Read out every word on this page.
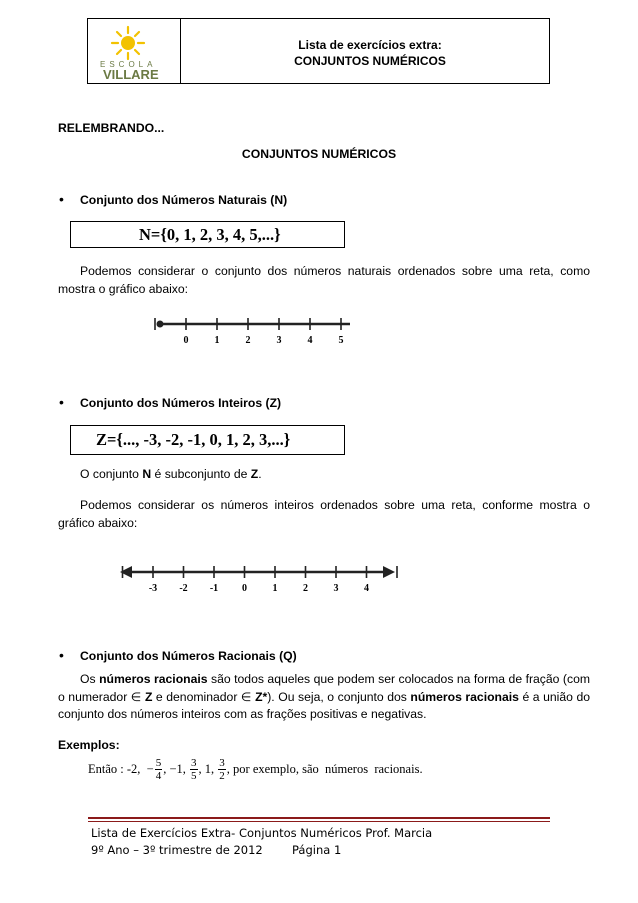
ESCOLA
VILLARE
Lista de exercícios extra:
CONJUNTOS NUMÉRICOS
RELEMBRANDO...
CONJUNTOS NUMÉRICOS
• Conjunto dos Números Naturais (N)
N={0, 1, 2, 3, 4, 5,...}
Podemos considerar o conjunto dos números naturais ordenados sobre uma reta, como mostra o gráfico abaixo:
0	1	2	3	4	5
• Conjunto dos Números Inteiros (Z)
Z={..., -3, -2, -1, 0, 1, 2, 3,...}
O conjunto N é subconjunto de Z.
Podemos considerar os números inteiros ordenados sobre uma reta, conforme mostra o gráfico abaixo:
-3 -2 -1 0	1	2	3	4
• Conjunto dos Números Racionais (Q)
Os números racionais são todos aqueles que podem ser colocados na forma de fração (com o numerador ∈ Z e denominador ∈ Z*). Ou seja, o conjunto dos números racionais é a união do conjunto dos números inteiros com as frações positivas e negativas.
Exemplos:
Então : -2,  − $\frac{5}{4}$ , −1, $\frac{3}{5}$ , 1, $\frac{3}{2}$ , por exemplo, são  números  racionais.
Lista de Exercícios Extra- Conjuntos Numéricos Prof. Marcia
9º Ano – 3º trimestre de 2012        Página 1
